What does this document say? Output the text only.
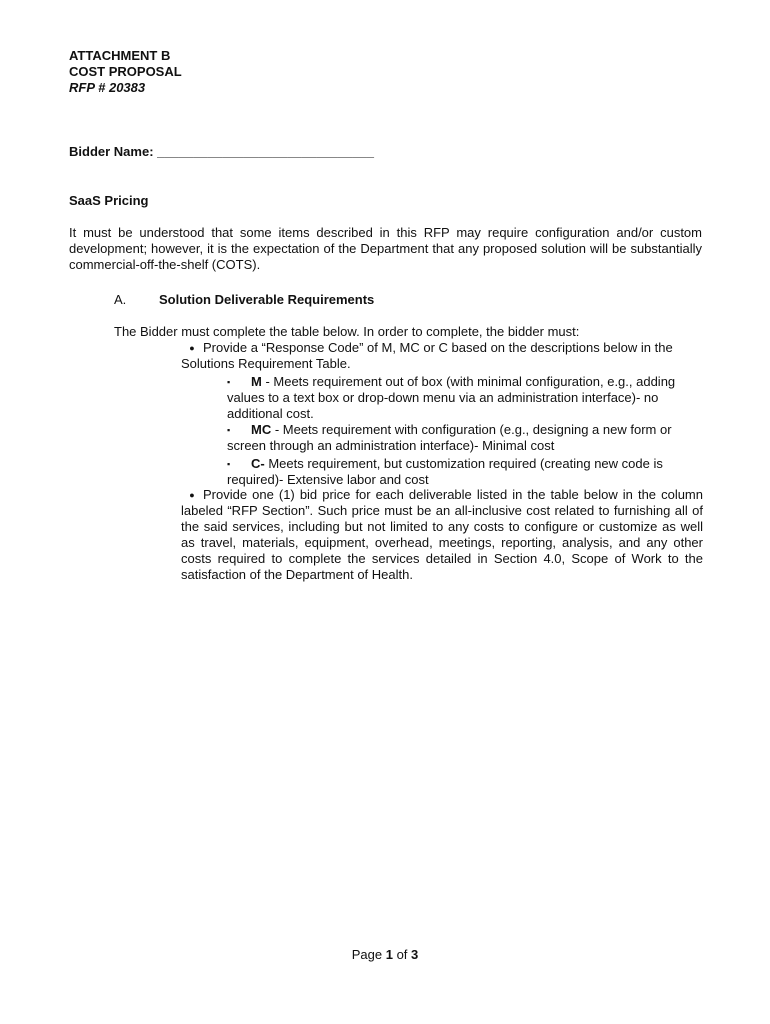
ATTACHMENT B
COST PROPOSAL
RFP # 20383
Bidder Name: ______________________________
SaaS Pricing
It must be understood that some items described in this RFP may require configuration and/or custom development; however, it is the expectation of the Department that any proposed solution will be substantially commercial-off-the-shelf (COTS).
A.	Solution Deliverable Requirements
The Bidder must complete the table below. In order to complete, the bidder must:
● Provide a “Response Code” of M, MC or C based on the descriptions below in the Solutions Requirement Table.
▪ M - Meets requirement out of box (with minimal configuration, e.g., adding values to a text box or drop-down menu via an administration interface)- no additional cost.
▪ MC - Meets requirement with configuration (e.g., designing a new form or screen through an administration interface)- Minimal cost
▪ C- Meets requirement, but customization required (creating new code is required)- Extensive labor and cost
● Provide one (1) bid price for each deliverable listed in the table below in the column labeled “RFP Section”. Such price must be an all-inclusive cost related to furnishing all of the said services, including but not limited to any costs to configure or customize as well as travel, materials, equipment, overhead, meetings, reporting, analysis, and any other costs required to complete the services detailed in Section 4.0, Scope of Work to the satisfaction of the Department of Health.
Page 1 of 3
